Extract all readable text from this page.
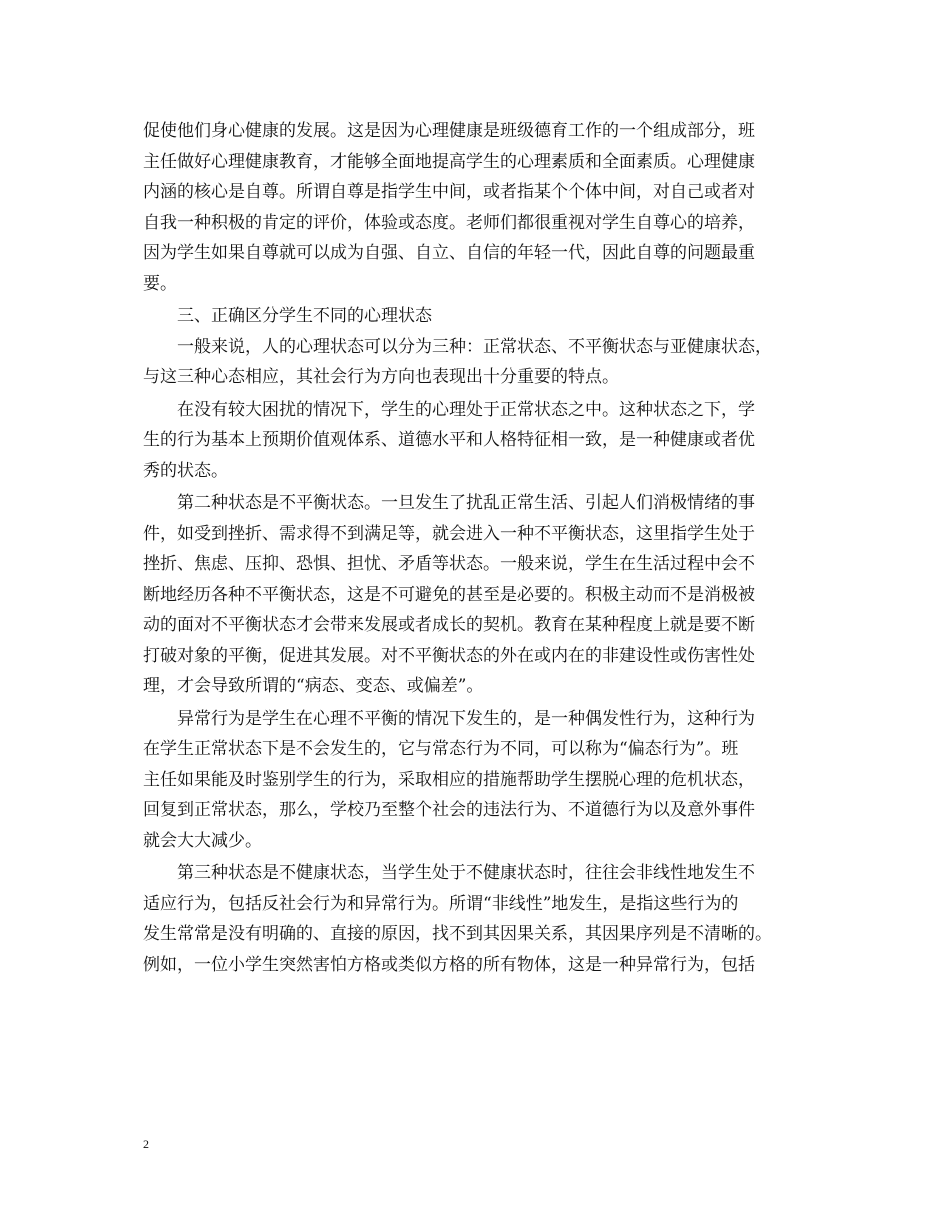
促使他们身心健康的发展。这是因为心理健康是班级德育工作的一个组成部分，班
主任做好心理健康教育，才能够全面地提高学生的心理素质和全面素质。心理健康
内涵的核心是自尊。所谓自尊是指学生中间，或者指某个个体中间，对自己或者对
自我一种积极的肯定的评价，体验或态度。老师们都很重视对学生自尊心的培养，
因为学生如果自尊就可以成为自强、自立、自信的年轻一代，因此自尊的问题最重
要。
三、正确区分学生不同的心理状态
一般来说，人的心理状态可以分为三种：正常状态、不平衡状态与亚健康状态，
与这三种心态相应，其社会行为方向也表现出十分重要的特点。
在没有较大困扰的情况下，学生的心理处于正常状态之中。这种状态之下，学
生的行为基本上预期价值观体系、道德水平和人格特征相一致，是一种健康或者优
秀的状态。
第二种状态是不平衡状态。一旦发生了扰乱正常生活、引起人们消极情绪的事
件，如受到挫折、需求得不到满足等，就会进入一种不平衡状态，这里指学生处于
挫折、焦虑、压抑、恐惧、担忧、矛盾等状态。一般来说，学生在生活过程中会不
断地经历各种不平衡状态，这是不可避免的甚至是必要的。积极主动而不是消极被
动的面对不平衡状态才会带来发展或者成长的契机。教育在某种程度上就是要不断
打破对象的平衡，促进其发展。对不平衡状态的外在或内在的非建设性或伤害性处
理，才会导致所谓的“病态、变态、或偏差”。
异常行为是学生在心理不平衡的情况下发生的，是一种偶发性行为，这种行为
在学生正常状态下是不会发生的，它与常态行为不同，可以称为“偏态行为”。班
主任如果能及时鉴别学生的行为，采取相应的措施帮助学生摆脱心理的危机状态，
回复到正常状态，那么，学校乃至整个社会的违法行为、不道德行为以及意外事件
就会大大减少。
第三种状态是不健康状态，当学生处于不健康状态时，往往会非线性地发生不
适应行为，包括反社会行为和异常行为。所谓“非线性”地发生，是指这些行为的
发生常常是没有明确的、直接的原因，找不到其因果关系，其因果序列是不清晰的。
例如，一位小学生突然害怕方格或类似方格的所有物体，这是一种异常行为，包括
2
